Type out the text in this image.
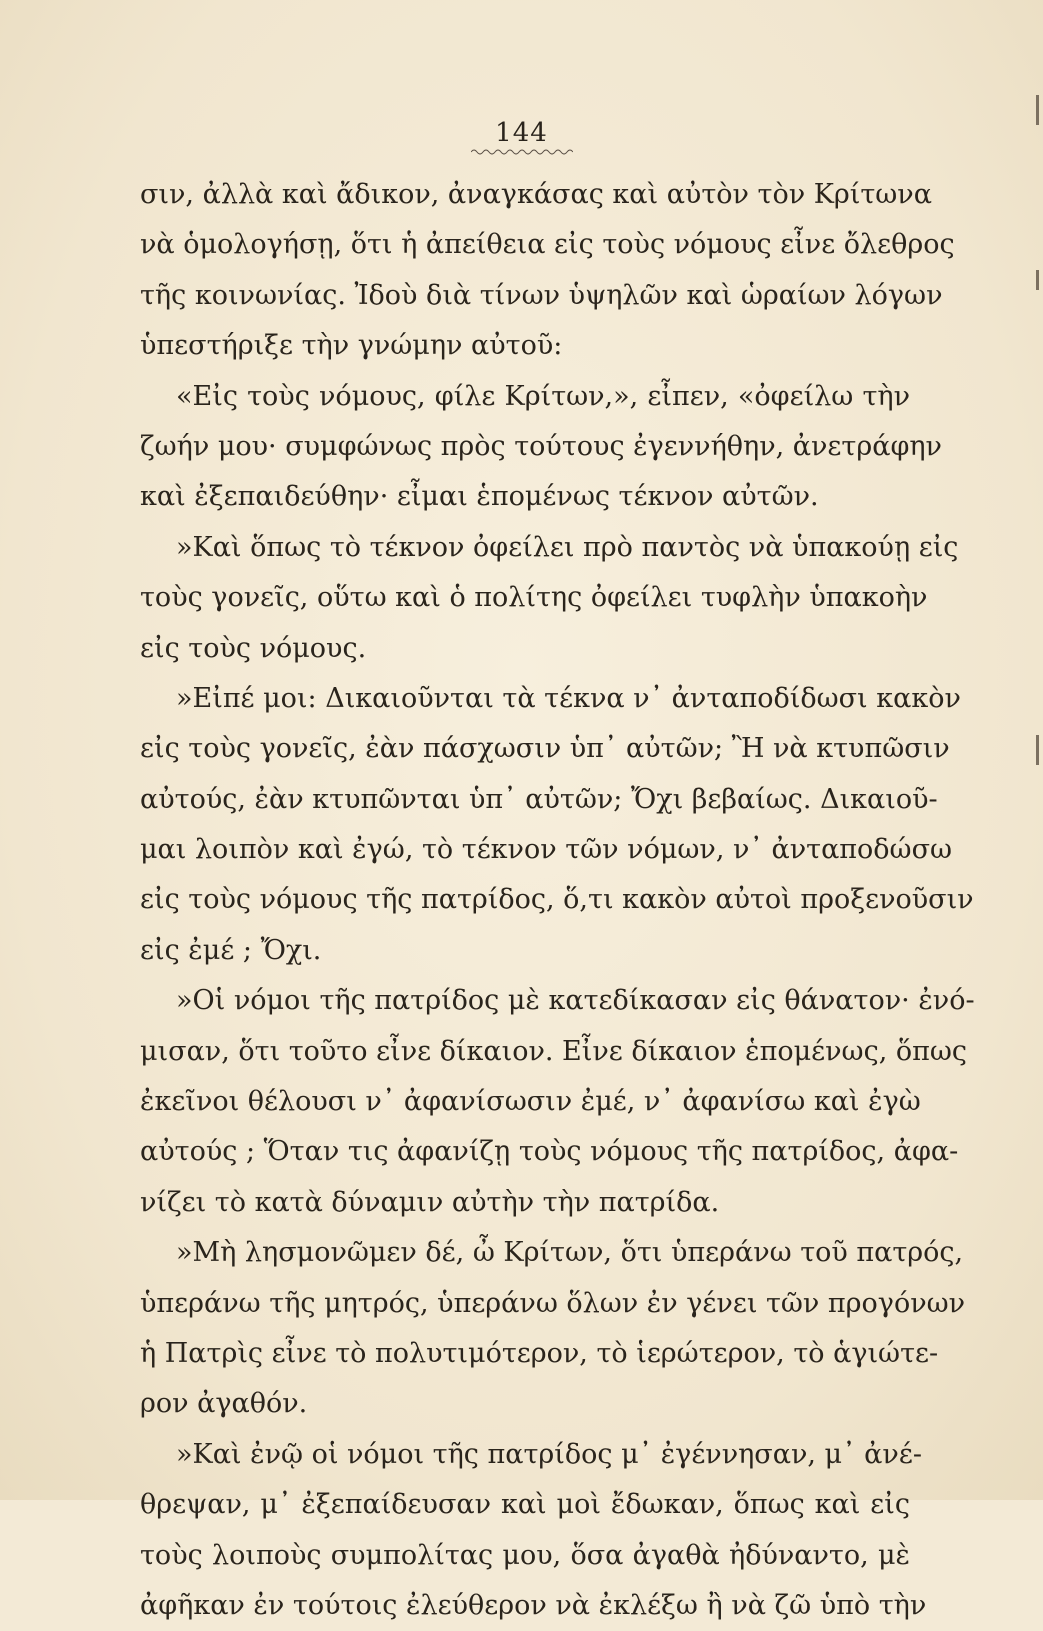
144
σιν, ἀλλὰ καὶ ἄδικον, ἀναγκάσας καὶ αὐτὸν τὸν Κρίτωνα
νὰ ὁμολογήσῃ, ὅτι ἡ ἀπείθεια εἰς τοὺς νόμους εἶνε ὄλεθρος
τῆς κοινωνίας. Ἰδοὺ διὰ τίνων ὑψηλῶν καὶ ὡραίων λόγων
ὑπεστήριξε τὴν γνώμην αὐτοῦ:
«Εἰς τοὺς νόμους, φίλε Κρίτων,», εἶπεν, «ὀφείλω τὴν
ζωήν μου· συμφώνως πρὸς τούτους ἐγεννήθην, ἀνετράφην
καὶ ἐξεπαιδεύθην· εἶμαι ἑπομένως τέκνον αὐτῶν.
»Καὶ ὅπως τὸ τέκνον ὀφείλει πρὸ παντὸς νὰ ὑπακούῃ εἰς
τοὺς γονεῖς, οὕτω καὶ ὁ πολίτης ὀφείλει τυφλὴν ὑπακοὴν
εἰς τοὺς νόμους.
»Εἰπέ μοι: Δικαιοῦνται τὰ τέκνα ν᾿ ἀνταποδίδωσι κακὸν
εἰς τοὺς γονεῖς, ἐὰν πάσχωσιν ὑπ᾿ αὐτῶν; Ἢ νὰ κτυπῶσιν
αὐτούς, ἐὰν κτυπῶνται ὑπ᾿ αὐτῶν; Ὄχι βεβαίως. Δικαιοῦ-
μαι λοιπὸν καὶ ἐγώ, τὸ τέκνον τῶν νόμων, ν᾿ ἀνταποδώσω
εἰς τοὺς νόμους τῆς πατρίδος, ὅ,τι κακὸν αὐτοὶ προξενοῦσιν
εἰς ἐμέ ; Ὄχι.
»Οἱ νόμοι τῆς πατρίδος μὲ κατεδίκασαν εἰς θάνατον· ἐνό-
μισαν, ὅτι τοῦτο εἶνε δίκαιον. Εἶνε δίκαιον ἑπομένως, ὅπως
ἐκεῖνοι θέλουσι ν᾿ ἀφανίσωσιν ἐμέ, ν᾿ ἀφανίσω καὶ ἐγὼ
αὐτούς ; Ὅταν τις ἀφανίζῃ τοὺς νόμους τῆς πατρίδος, ἀφα-
νίζει τὸ κατὰ δύναμιν αὐτὴν τὴν πατρίδα.
»Μὴ λησμονῶμεν δέ, ὦ Κρίτων, ὅτι ὑπεράνω τοῦ πατρός,
ὑπεράνω τῆς μητρός, ὑπεράνω ὅλων ἐν γένει τῶν προγόνων
ἡ Πατρὶς εἶνε τὸ πολυτιμότερον, τὸ ἱερώτερον, τὸ ἁγιώτε-
ρον ἀγαθόν.
»Καὶ ἐνῷ οἱ νόμοι τῆς πατρίδος μ᾿ ἐγέννησαν, μ᾿ ἀνέ-
θρεψαν, μ᾿ ἐξεπαίδευσαν καὶ μοὶ ἔδωκαν, ὅπως καὶ εἰς
τοὺς λοιποὺς συμπολίτας μου, ὅσα ἀγαθὰ ἠδύναντο, μὲ
ἀφῆκαν ἐν τούτοις ἐλεύθερον νὰ ἐκλέξω ἢ νὰ ζῶ ὑπὸ τὴν
